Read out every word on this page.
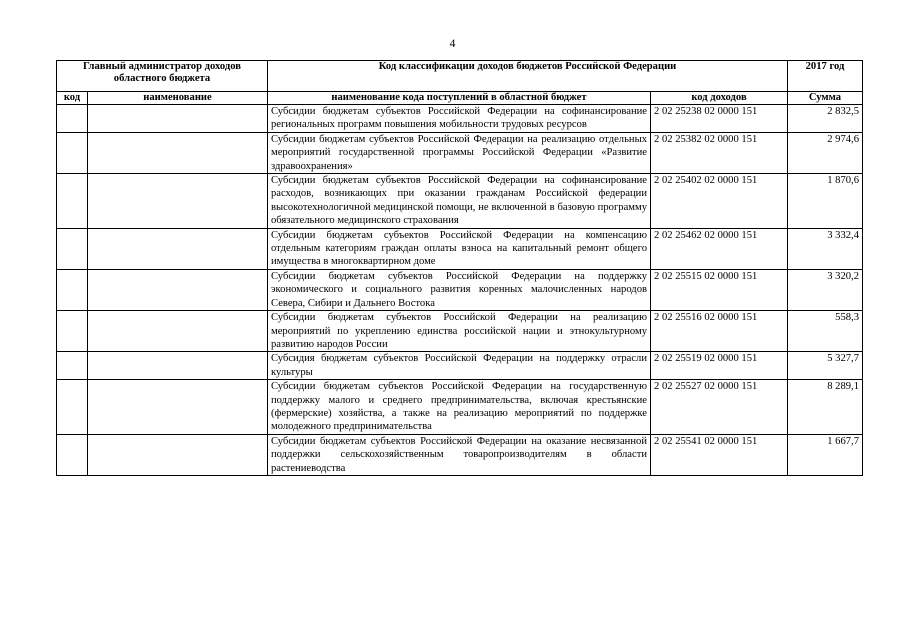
4
Главный администратор доходов областного бюджета		Код классификации доходов бюджетов Российской Федерации		2017 год
код	наименование	наименование кода поступлений в областной бюджет	код доходов	Сумма
		Субсидии бюджетам субъектов Российской Федерации на софинансирование региональных программ повышения мобильности трудовых ресурсов	2 02 25238 02 0000 151	2 832,5
		Субсидии бюджетам субъектов Российской Федерации на реализацию отдельных мероприятий государственной программы Российской Федерации «Развитие здравоохранения»	2 02 25382 02 0000 151	2 974,6
		Субсидии бюджетам субъектов Российской Федерации на софинансирование расходов, возникающих при оказании гражданам Российской федерации высокотехнологичной медицинской помощи, не включенной в базовую программу обязательного медицинского страхования	2 02 25402 02 0000 151	1 870,6
		Субсидии бюджетам субъектов Российской Федерации на компенсацию отдельным категориям граждан оплаты взноса на капитальный ремонт общего имущества в многоквартирном доме	2 02 25462 02 0000 151	3 332,4
		Субсидии бюджетам субъектов Российской Федерации на поддержку экономического и социального развития коренных малочисленных народов Севера, Сибири и Дальнего Востока	2 02 25515 02 0000 151	3 320,2
		Субсидии бюджетам субъектов Российской Федерации на реализацию мероприятий по укреплению единства российской нации и этнокультурному развитию народов России	2 02 25516 02 0000 151	558,3
		Субсидия бюджетам субъектов Российской Федерации на поддержку отрасли культуры	2 02 25519 02 0000 151	5 327,7
		Субсидии бюджетам субъектов Российской Федерации на государственную поддержку малого и среднего предпринимательства, включая крестьянские (фермерские) хозяйства, а также на реализацию мероприятий по поддержке молодежного предпринимательства	2 02 25527 02 0000 151	8 289,1
		Субсидии бюджетам субъектов Российской Федерации на оказание несвязанной поддержки сельскохозяйственным товаропроизводителям в области растениеводства	2 02 25541 02 0000 151	1 667,7
